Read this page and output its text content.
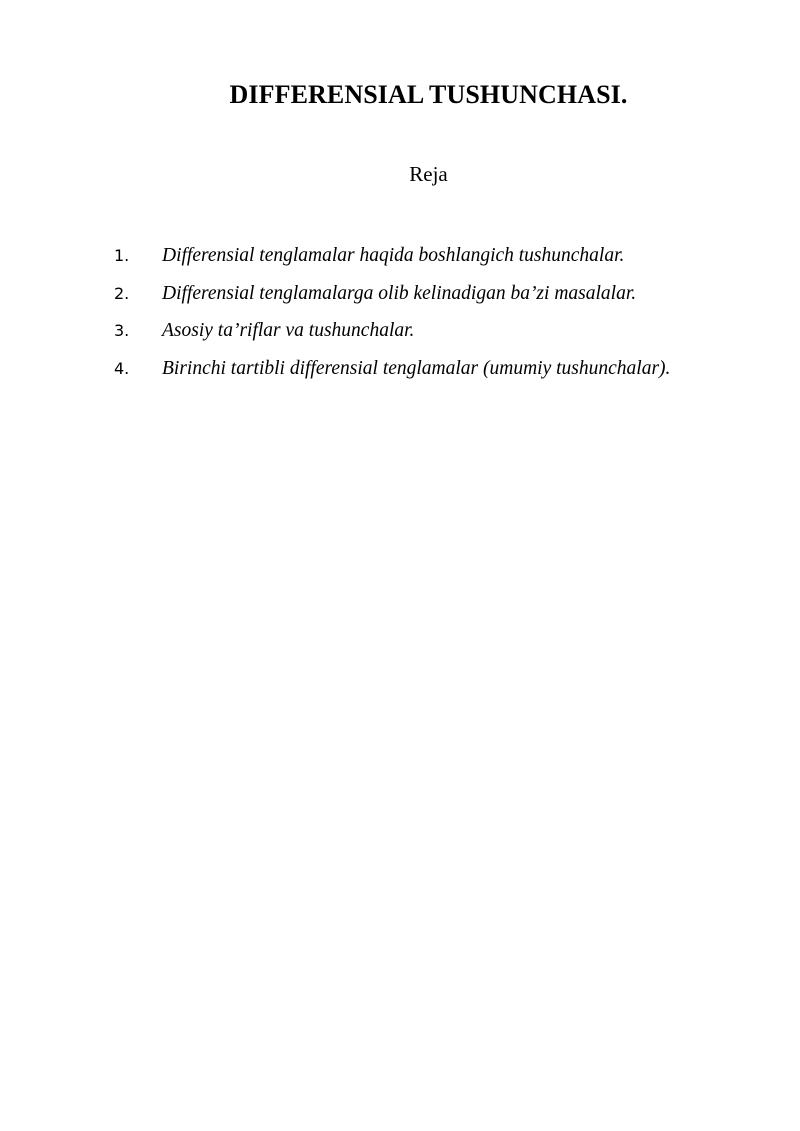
DIFFERENSIAL TUSHUNCHASI.
Reja
1. Differensial tenglamalar haqida boshlangich tushunchalar.
2. Differensial tenglamalarga olib kelinadigan ba’zi masalalar.
3. Asosiy ta’riflar va tushunchalar.
4. Birinchi tartibli differensial tenglamalar (umumiy tushunchalar).
